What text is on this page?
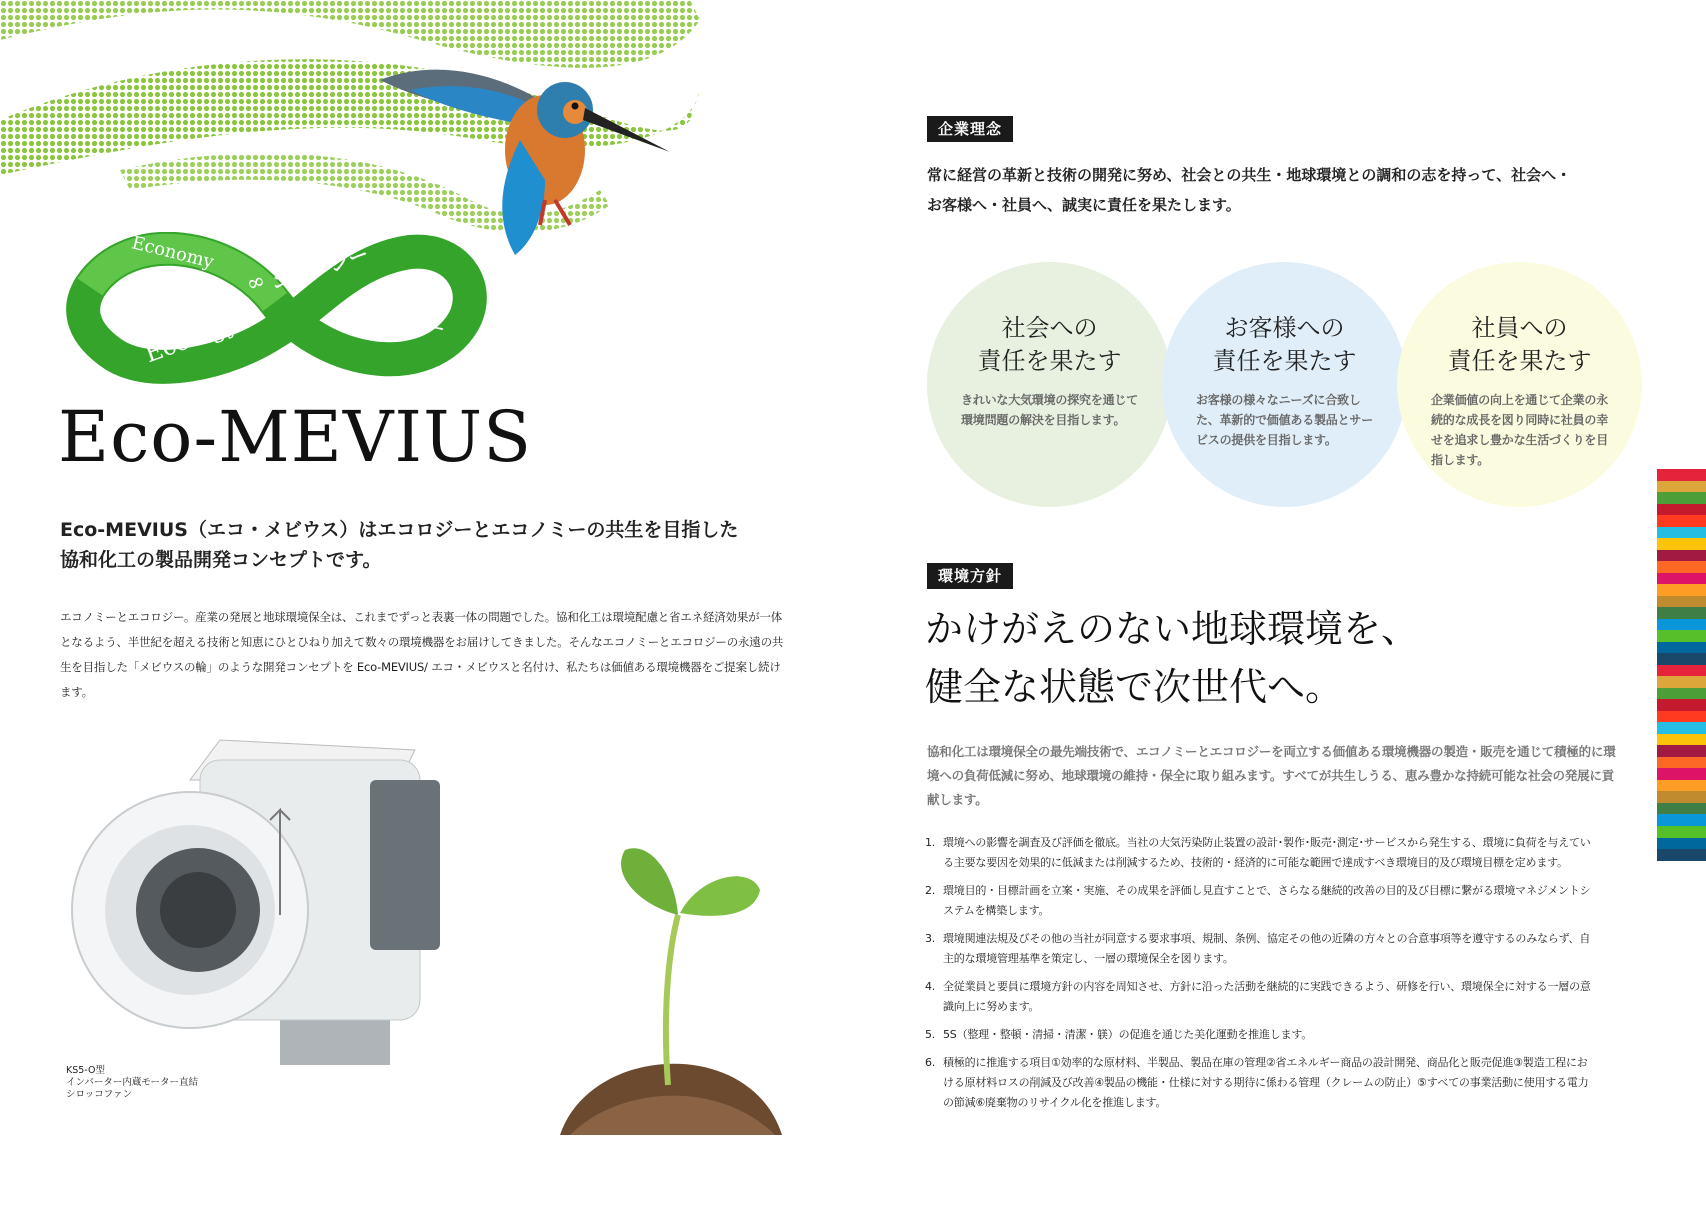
Economy
Ecology
∞ エコロジー
エコノミー
Eco-MEVIUS

Eco-MEVIUS（エコ・メビウス）はエコロジーとエコノミーの共生を目指した協和化工の製品開発コンセプトです。

エコノミーとエコロジー。産業の発展と地球環境保全は、これまでずっと表裏一体の問題でした。協和化工は環境配慮と省エネ経済効果が一体となるよう、半世紀を超える技術と知恵にひとひねり加えて数々の環境機器をお届けしてきました。そんなエコノミーとエコロジーの永遠の共生を目指した「メビウスの輪」のような開発コンセプトを Eco-MEVIUS/ エコ・メビウスと名付け、私たちは価値ある環境機器をご提案し続けます。

KS5-O型
インバーター内蔵モーター直結
シロッコファン

企業理念

常に経営の革新と技術の開発に努め、社会との共生・地球環境との調和の志を持って、社会へ・
お客様へ・社員へ、誠実に責任を果たします。

社会への
責任を果たす
きれいな大気環境の探究を通じて環境問題の解決を目指します。
お客様への
責任を果たす
お客様の様々なニーズに合致した、革新的で価値ある製品とサービスの提供を目指します。
社員への
責任を果たす
企業価値の向上を通じて企業の永続的な成長を図り同時に社員の幸せを追求し豊かな生活づくりを目指します。
環境方針
かけがえのない地球環境を、
健全な状態で次世代へ。

協和化工は環境保全の最先端技術で、エコノミーとエコロジーを両立する価値ある環境機器の製造・販売を通じて積極的に環境への負荷低減に努め、地球環境の維持・保全に取り組みます。すべてが共生しうる、恵み豊かな持続可能な社会の発展に貢献します。

1. 環境への影響を調査及び評価を徹底。当社の大気汚染防止装置の設計･製作･販売･測定･サービスから発生する、環境に負荷を与えている主要な要因を効果的に低減または削減するため、技術的・経済的に可能な範囲で達成すべき環境目的及び環境目標を定めます。
2. 環境目的・目標計画を立案・実施、その成果を評価し見直すことで、さらなる継続的改善の目的及び目標に繋がる環境マネジメントシステムを構築します。
3. 環境関連法規及びその他の当社が同意する要求事項、規制、条例、協定その他の近隣の方々との合意事項等を遵守するのみならず、自主的な環境管理基準を策定し、一層の環境保全を図ります。
4. 全従業員と要員に環境方針の内容を周知させ、方針に沿った活動を継続的に実践できるよう、研修を行い、環境保全に対する一層の意識向上に努めます。
5. 5S（整理・整頓・清掃・清潔・躾）の促進を通じた美化運動を推進します。
6. 積極的に推進する項目①効率的な原材料、半製品、製品在庫の管理②省エネルギー商品の設計開発、商品化と販売促進③製造工程における原材料ロスの削減及び改善④製品の機能・仕様に対する期待に係わる管理（クレームの防止）⑤すべての事業活動に使用する電力の節減⑥廃棄物のリサイクル化を推進します。
